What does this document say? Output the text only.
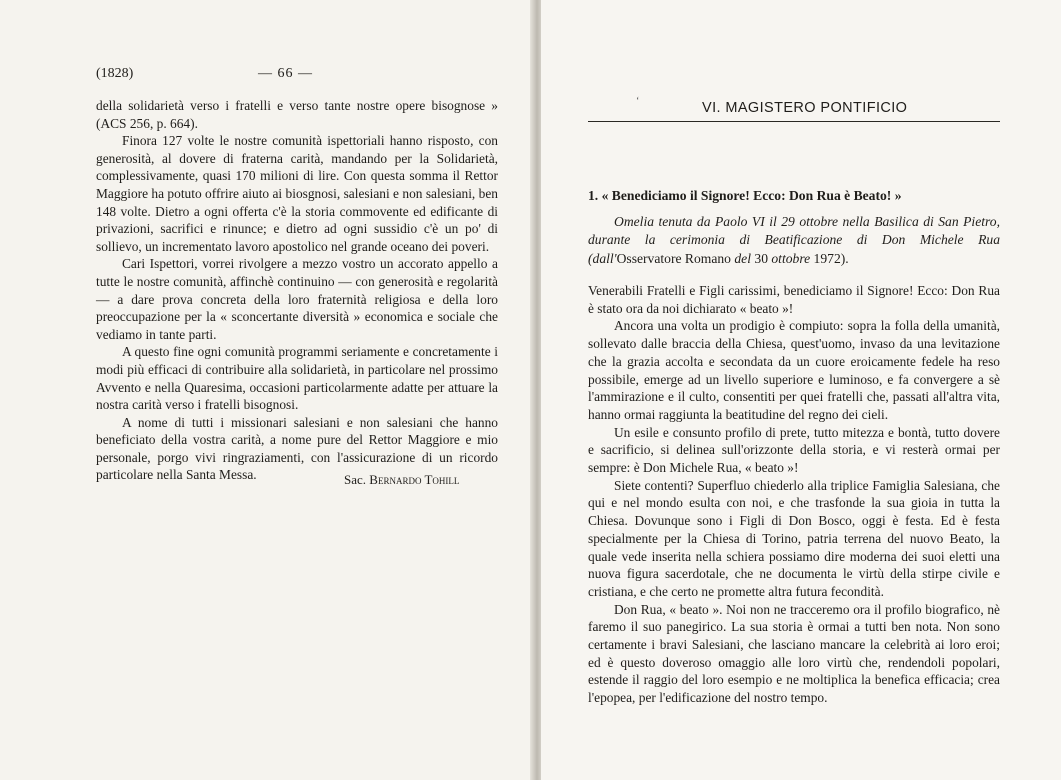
(1828)	— 66 —

della solidarietà verso i fratelli e verso tante nostre opere bisognose » (ACS 256, p. 664).

Finora 127 volte le nostre comunità ispettoriali hanno risposto, con generosità, al dovere di fraterna carità, mandando per la Solidarietà, complessivamente, quasi 170 milioni di lire. Con questa somma il Rettor Maggiore ha potuto offrire aiuto ai biosgnosi, salesiani e non salesiani, ben 148 volte. Dietro a ogni offerta c'è la storia commovente ed edificante di privazioni, sacrifici e rinunce; e dietro ad ogni sussidio c'è un po' di sollievo, un incrementato lavoro apostolico nel grande oceano dei poveri.

Cari Ispettori, vorrei rivolgere a mezzo vostro un accorato appello a tutte le nostre comunità, affinchè continuino — con generosità e regolarità — a dare prova concreta della loro fraternità religiosa e della loro preoccupazione per la « sconcertante diversità » economica e sociale che vediamo in tante parti.

A questo fine ogni comunità programmi seriamente e concretamente i modi più efficaci di contribuire alla solidarietà, in particolare nel prossimo Avvento e nella Quaresima, occasioni particolarmente adatte per attuare la nostra carità verso i fratelli bisognosi.

A nome di tutti i missionari salesiani e non salesiani che hanno beneficiato della vostra carità, a nome pure del Rettor Maggiore e mio personale, porgo vivi ringraziamenti, con l'assicurazione di un ricordo particolare nella Santa Messa.	Sac. Bernardo Tohill
ʻ	VI. MAGISTERO PONTIFICIO
1. « Benediciamo il Signore! Ecco: Don Rua è Beato! »
Omelia tenuta da Paolo VI il 29 ottobre nella Basilica di San Pietro, durante la cerimonia di Beatificazione di Don Michele Rua (dall'Osservatore Romano del 30 ottobre 1972).

Venerabili Fratelli e Figli carissimi, benediciamo il Signore! Ecco: Don Rua è stato ora da noi dichiarato « beato »!

Ancora una volta un prodigio è compiuto: sopra la folla della umanità, sollevato dalle braccia della Chiesa, quest'uomo, invaso da una levitazione che la grazia accolta e secondata da un cuore eroicamente fedele ha reso possibile, emerge ad un livello superiore e luminoso, e fa convergere a sè l'ammirazione e il culto, consentiti per quei fratelli che, passati all'altra vita, hanno ormai raggiunta la beatitudine del regno dei cieli.

Un esile e consunto profilo di prete, tutto mitezza e bontà, tutto dovere e sacrificio, si delinea sull'orizzonte della storia, e vi resterà ormai per sempre: è Don Michele Rua, « beato »!

Siete contenti? Superfluo chiederlo alla triplice Famiglia Salesiana, che qui e nel mondo esulta con noi, e che trasfonde la sua gioia in tutta la Chiesa. Dovunque sono i Figli di Don Bosco, oggi è festa. Ed è festa specialmente per la Chiesa di Torino, patria terrena del nuovo Beato, la quale vede inserita nella schiera possiamo dire moderna dei suoi eletti una nuova figura sacerdotale, che ne documenta le virtù della stirpe civile e cristiana, e che certo ne promette altra futura fecondità.

Don Rua, « beato ». Noi non ne tracceremo ora il profilo biografico, nè faremo il suo panegirico. La sua storia è ormai a tutti ben nota. Non sono certamente i bravi Salesiani, che lasciano mancare la celebrità ai loro eroi; ed è questo doveroso omaggio alle loro virtù che, rendendoli popolari, estende il raggio del loro esempio e ne moltiplica la benefica efficacia; crea l'epopea, per l'edificazione del nostro tempo.
